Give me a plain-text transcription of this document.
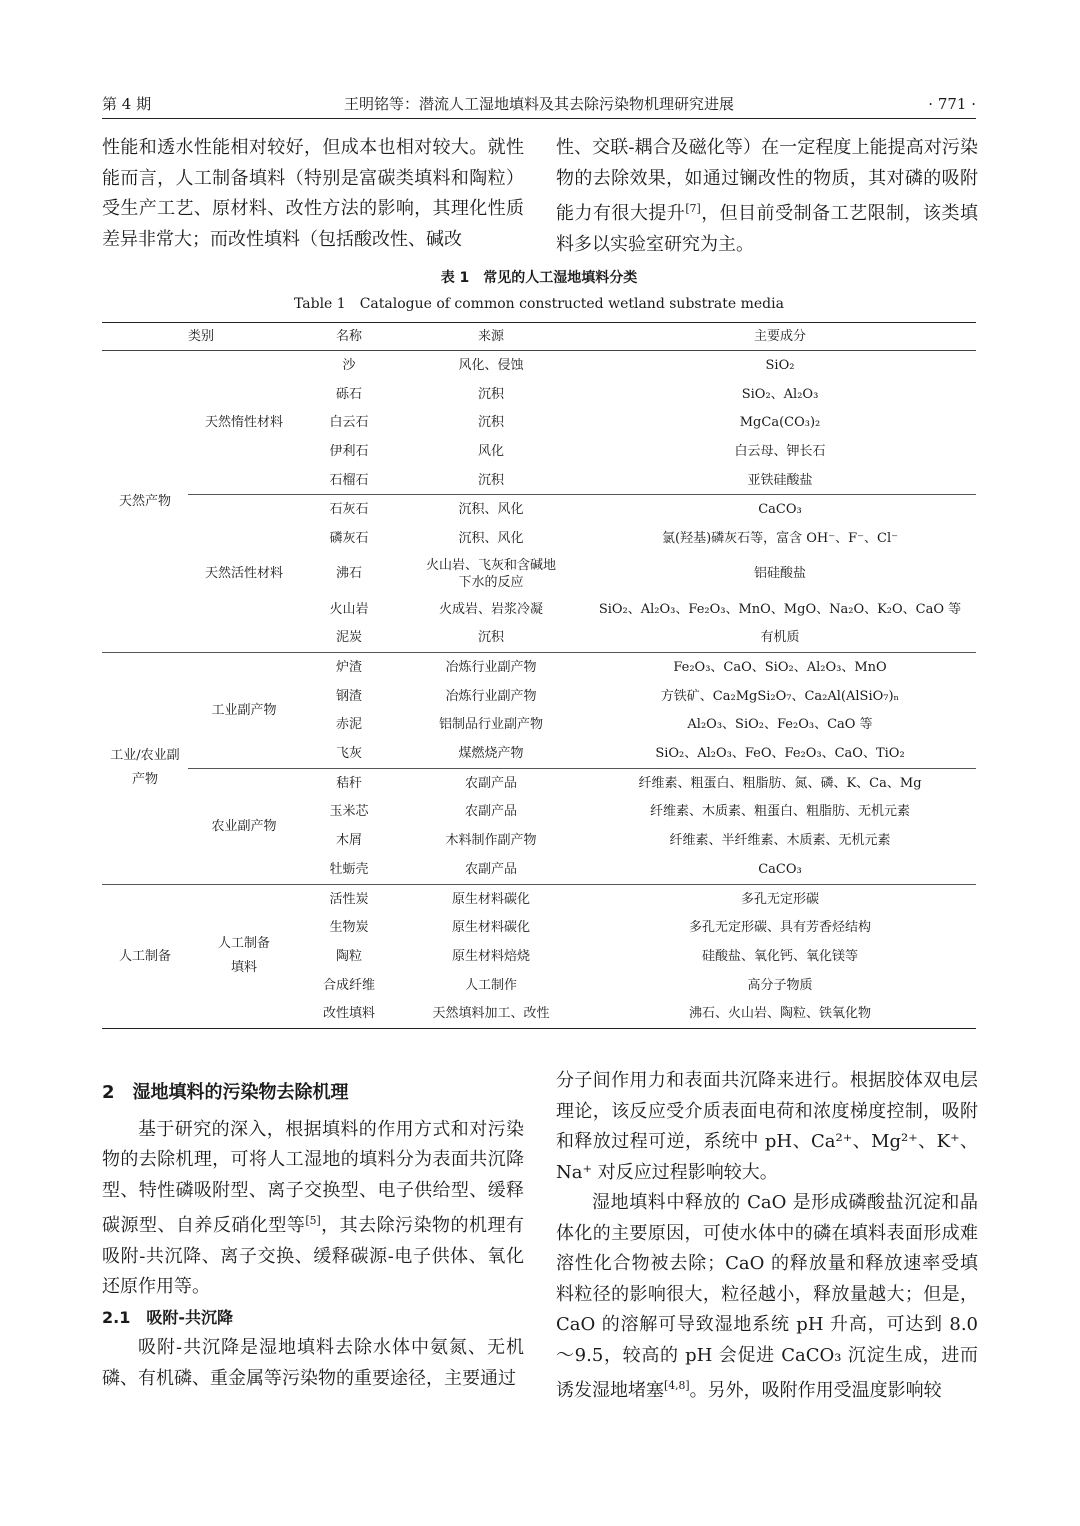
第 4 期	王明铭等：潜流人工湿地填料及其去除污染物机理研究进展	· 771 ·

性能和透水性能相对较好，但成本也相对较大。就性能而言，人工制备填料（特别是富碳类填料和陶粒）受生产工艺、原材料、改性方法的影响，其理化性质差异非常大；而改性填料（包括酸改性、碱改

性、交联-耦合及磁化等）在一定程度上能提高对污染物的去除效果，如通过镧改性的物质，其对磷的吸附能力有很大提升[7]，但目前受制备工艺限制，该类填料多以实验室研究为主。

表 1　常见的人工湿地填料分类
Table 1　Catalogue of common constructed wetland substrate media
类别		名称	来源	主要成分
天然产物	天然惰性材料	沙	风化、侵蚀	SiO₂
		砾石	沉积	SiO₂、Al₂O₃
		白云石	沉积	MgCa(CO₃)₂
		伊利石	风化	白云母、钾长石
		石榴石	沉积	亚铁硅酸盐
	天然活性材料	石灰石	沉积、风化	CaCO₃
		磷灰石	沉积、风化	氯(羟基)磷灰石等，富含 OH⁻、F⁻、Cl⁻
		沸石	火山岩、飞灰和含碱地下水的反应	铝硅酸盐
		火山岩	火成岩、岩浆冷凝	SiO₂、Al₂O₃、Fe₂O₃、MnO、MgO、Na₂O、K₂O、CaO 等
		泥炭	沉积	有机质
工业/农业副产物	工业副产物	炉渣	冶炼行业副产物	Fe₂O₃、CaO、SiO₂、Al₂O₃、MnO
		钢渣	冶炼行业副产物	方铁矿、Ca₂MgSi₂O₇、Ca₂Al(AlSiO₇)ₙ
		赤泥	铝制品行业副产物	Al₂O₃、SiO₂、Fe₂O₃、CaO 等
		飞灰	煤燃烧产物	SiO₂、Al₂O₃、FeO、Fe₂O₃、CaO、TiO₂
	农业副产物	秸秆	农副产品	纤维素、粗蛋白、粗脂肪、氮、磷、K、Ca、Mg
		玉米芯	农副产品	纤维素、木质素、粗蛋白、粗脂肪、无机元素
		木屑	木料制作副产物	纤维素、半纤维素、木质素、无机元素
		牡蛎壳	农副产品	CaCO₃
人工制备	人工制备填料	活性炭	原生材料碳化	多孔无定形碳
		生物炭	原生材料碳化	多孔无定形碳、具有芳香烃结构
		陶粒	原生材料焙烧	硅酸盐、氧化钙、氧化镁等
		合成纤维	人工制作	高分子物质
		改性填料	天然填料加工、改性	沸石、火山岩、陶粒、铁氧化物

2　湿地填料的污染物去除机理

基于研究的深入，根据填料的作用方式和对污染物的去除机理，可将人工湿地的填料分为表面共沉降型、特性磷吸附型、离子交换型、电子供给型、缓释碳源型、自养反硝化型等[5]，其去除污染物的机理有吸附-共沉降、离子交换、缓释碳源-电子供体、氧化还原作用等。

2.1　吸附-共沉降

吸附-共沉降是湿地填料去除水体中氨氮、无机磷、有机磷、重金属等污染物的重要途径，主要通过

分子间作用力和表面共沉降来进行。根据胶体双电层理论，该反应受介质表面电荷和浓度梯度控制，吸附和释放过程可逆，系统中 pH、Ca²⁺、Mg²⁺、K⁺、Na⁺ 对反应过程影响较大。

湿地填料中释放的 CaO 是形成磷酸盐沉淀和晶体化的主要原因，可使水体中的磷在填料表面形成难溶性化合物被去除；CaO 的释放量和释放速率受填料粒径的影响很大，粒径越小，释放量越大；但是，CaO 的溶解可导致湿地系统 pH 升高，可达到 8.0～9.5，较高的 pH 会促进 CaCO₃ 沉淀生成，进而诱发湿地堵塞[4,8]。另外，吸附作用受温度影响较
